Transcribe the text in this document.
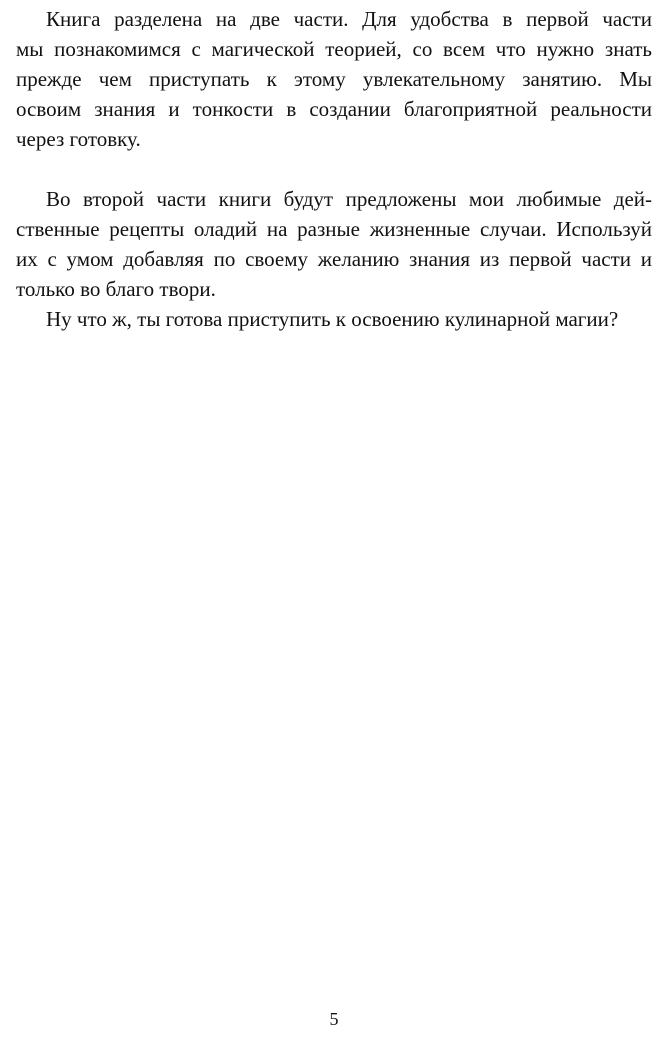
Книга разделена на две части. Для удобства в первой части
мы познакомимся с магической теорией, со всем что нужно знать
прежде чем приступать к этому увлекательному занятию. Мы
освоим знания и тонкости в создании благоприятной реальности
через готовку.
Во второй части книги будут предложены мои любимые дей-
ственные рецепты оладий на разные жизненные случаи. Используй
их с умом добавляя по своему желанию знания из первой части и
только во благо твори.
Ну что ж, ты готова приступить к освоению кулинарной магии?
5
